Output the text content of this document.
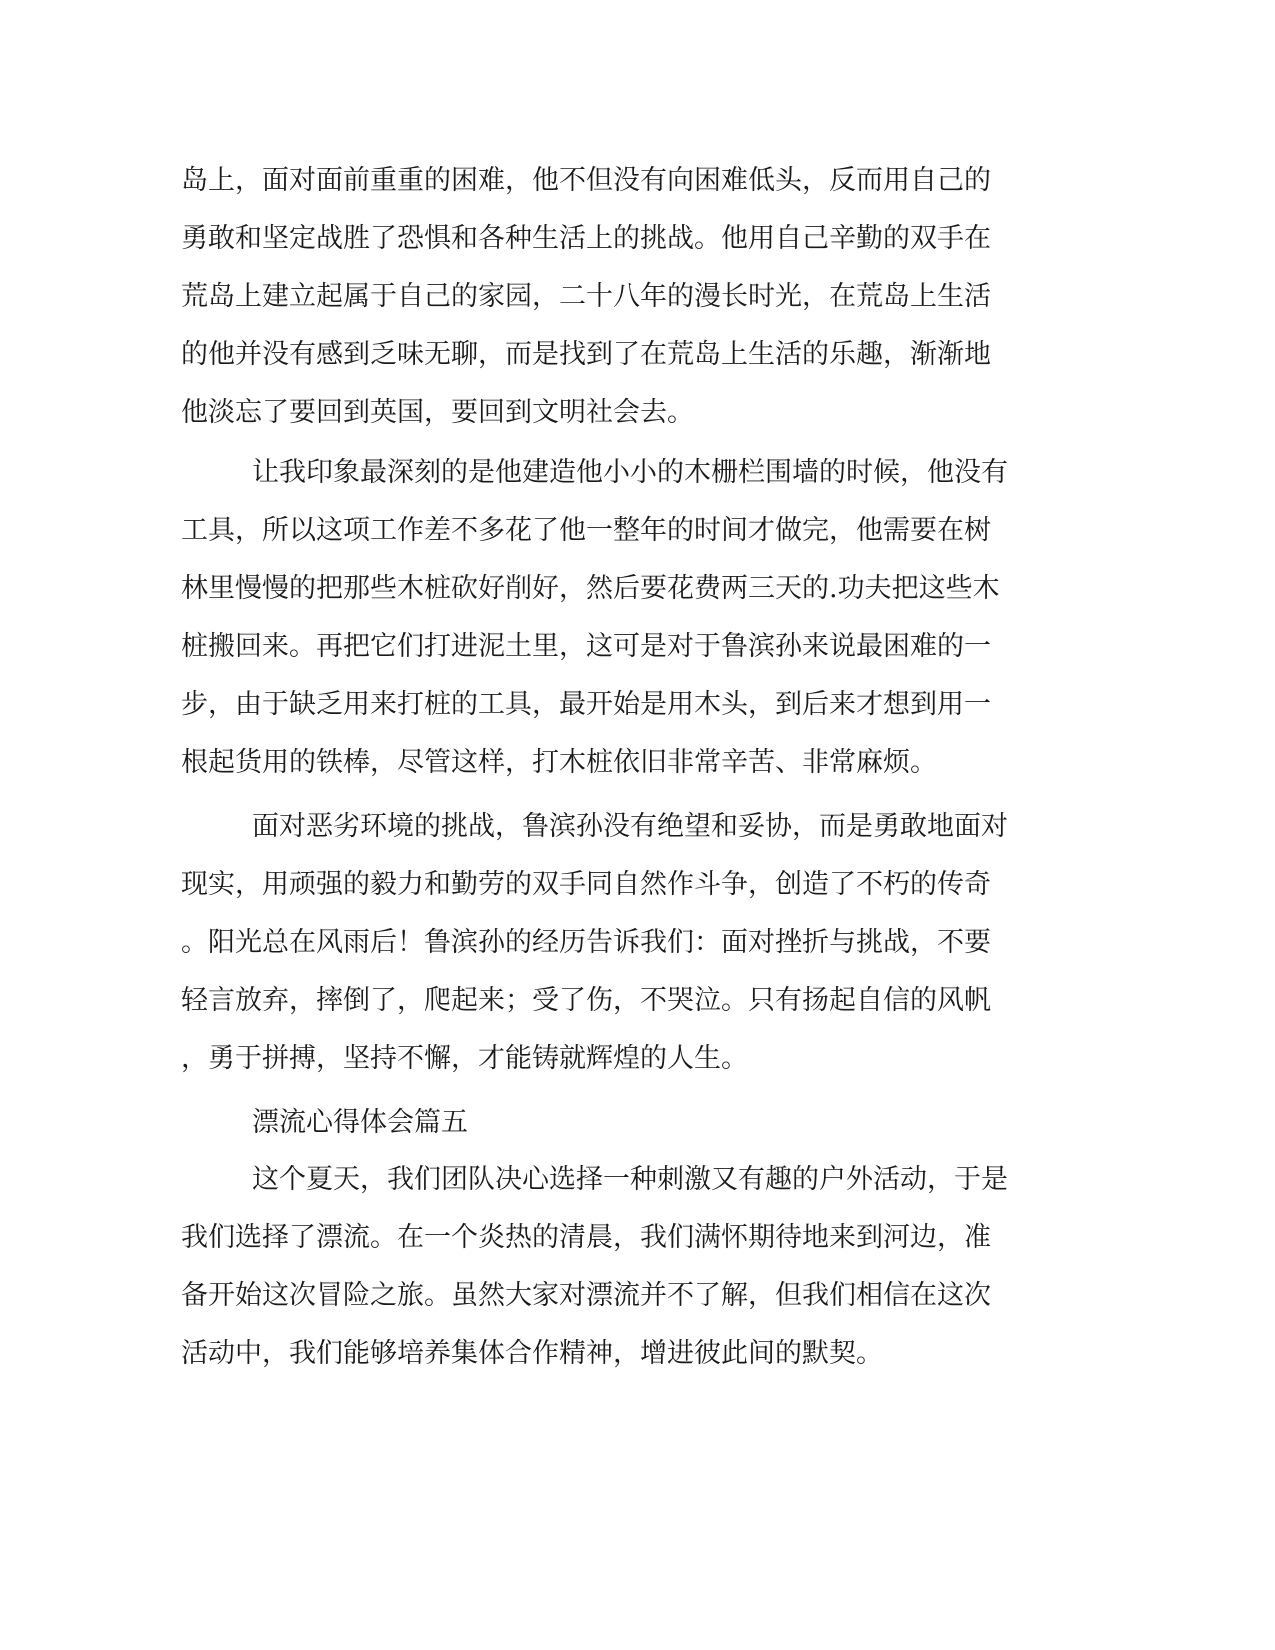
岛上，面对面前重重的困难，他不但没有向困难低头，反而用自己的
勇敢和坚定战胜了恐惧和各种生活上的挑战。他用自己辛勤的双手在
荒岛上建立起属于自己的家园，二十八年的漫长时光，在荒岛上生活
的他并没有感到乏味无聊，而是找到了在荒岛上生活的乐趣，渐渐地
他淡忘了要回到英国，要回到文明社会去。
让我印象最深刻的是他建造他小小的木栅栏围墙的时候，他没有
工具，所以这项工作差不多花了他一整年的时间才做完，他需要在树
林里慢慢的把那些木桩砍好削好，然后要花费两三天的.功夫把这些木
桩搬回来。再把它们打进泥土里，这可是对于鲁滨孙来说最困难的一
步，由于缺乏用来打桩的工具，最开始是用木头，到后来才想到用一
根起货用的铁棒，尽管这样，打木桩依旧非常辛苦、非常麻烦。
面对恶劣环境的挑战，鲁滨孙没有绝望和妥协，而是勇敢地面对
现实，用顽强的毅力和勤劳的双手同自然作斗争，创造了不朽的传奇
。阳光总在风雨后！鲁滨孙的经历告诉我们：面对挫折与挑战，不要
轻言放弃，摔倒了，爬起来；受了伤，不哭泣。只有扬起自信的风帆
，勇于拼搏，坚持不懈，才能铸就辉煌的人生。
漂流心得体会篇五
这个夏天，我们团队决心选择一种刺激又有趣的户外活动，于是
我们选择了漂流。在一个炎热的清晨，我们满怀期待地来到河边，准
备开始这次冒险之旅。虽然大家对漂流并不了解，但我们相信在这次
活动中，我们能够培养集体合作精神，增进彼此间的默契。
